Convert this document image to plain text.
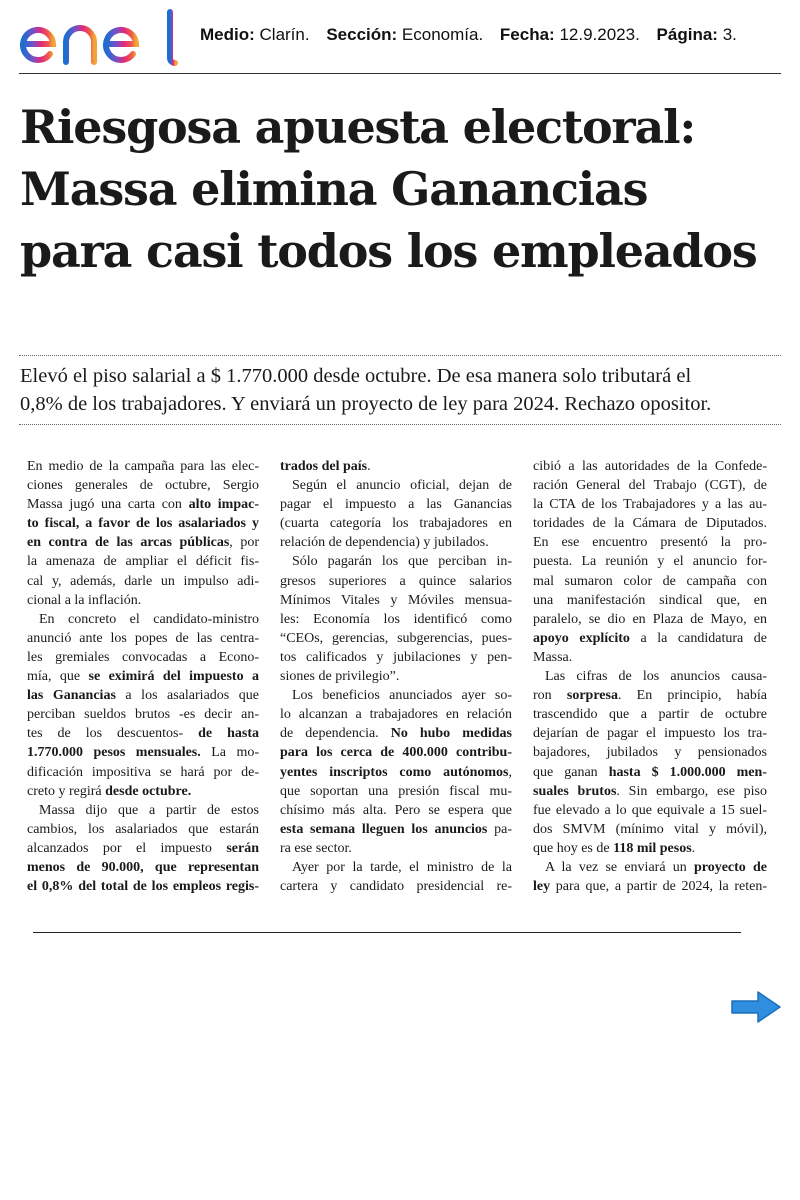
Medio: Clarín. Sección: Economía. Fecha: 12.9.2023. Página: 3.
Riesgosa apuesta electoral:
Massa elimina Ganancias
para casi todos los empleados

Elevó el piso salarial a $ 1.770.000 desde octubre. De esa manera solo tributará el
0,8% de los trabajadores. Y enviará un proyecto de ley para 2024. Rechazo opositor.

En medio de la campaña para las elec-
ciones generales de octubre, Sergio
Massa jugó una carta con alto impac-
to fiscal, a favor de los asalariados y
en contra de las arcas públicas, por
la amenaza de ampliar el déficit fis-
cal y, además, darle un impulso adi-
cional a la inflación.
En concreto el candidato-ministro
anunció ante los popes de las centra-
les gremiales convocadas a Econo-
mía, que se eximirá del impuesto a
las Ganancias a los asalariados que
perciban sueldos brutos -es decir an-
tes de los descuentos- de hasta
1.770.000 pesos mensuales. La mo-
dificación impositiva se hará por de-
creto y regirá desde octubre.
Massa dijo que a partir de estos
cambios, los asalariados que estarán
alcanzados por el impuesto serán
menos de 90.000, que representan
el 0,8% del total de los empleos regis-
trados del país.
Según el anuncio oficial, dejan de
pagar el impuesto a las Ganancias
(cuarta categoría los trabajadores en
relación de dependencia) y jubilados.
Sólo pagarán los que perciban in-
gresos superiores a quince salarios
Mínimos Vitales y Móviles mensua-
les: Economía los identificó como
“CEOs, gerencias, subgerencias, pues-
tos calificados y jubilaciones y pen-
siones de privilegio”.
Los beneficios anunciados ayer so-
lo alcanzan a trabajadores en relación
de dependencia. No hubo medidas
para los cerca de 400.000 contribu-
yentes inscriptos como autónomos,
que soportan una presión fiscal mu-
chísimo más alta. Pero se espera que
esta semana lleguen los anuncios pa-
ra ese sector.
Ayer por la tarde, el ministro de la
cartera y candidato presidencial re-
cibió a las autoridades de la Confede-
ración General del Trabajo (CGT), de
la CTA de los Trabajadores y a las au-
toridades de la Cámara de Diputados.
En ese encuentro presentó la pro-
puesta. La reunión y el anuncio for-
mal sumaron color de campaña con
una manifestación sindical que, en
paralelo, se dio en Plaza de Mayo, en
apoyo explícito a la candidatura de
Massa.
Las cifras de los anuncios causa-
ron sorpresa. En principio, había
trascendido que a partir de octubre
dejarían de pagar el impuesto los tra-
bajadores, jubilados y pensionados
que ganan hasta $ 1.000.000 men-
suales brutos. Sin embargo, ese piso
fue elevado a lo que equivale a 15 suel-
dos SMVM (mínimo vital y móvil),
que hoy es de 118 mil pesos.
A la vez se enviará un proyecto de
ley para que, a partir de 2024, la reten-
